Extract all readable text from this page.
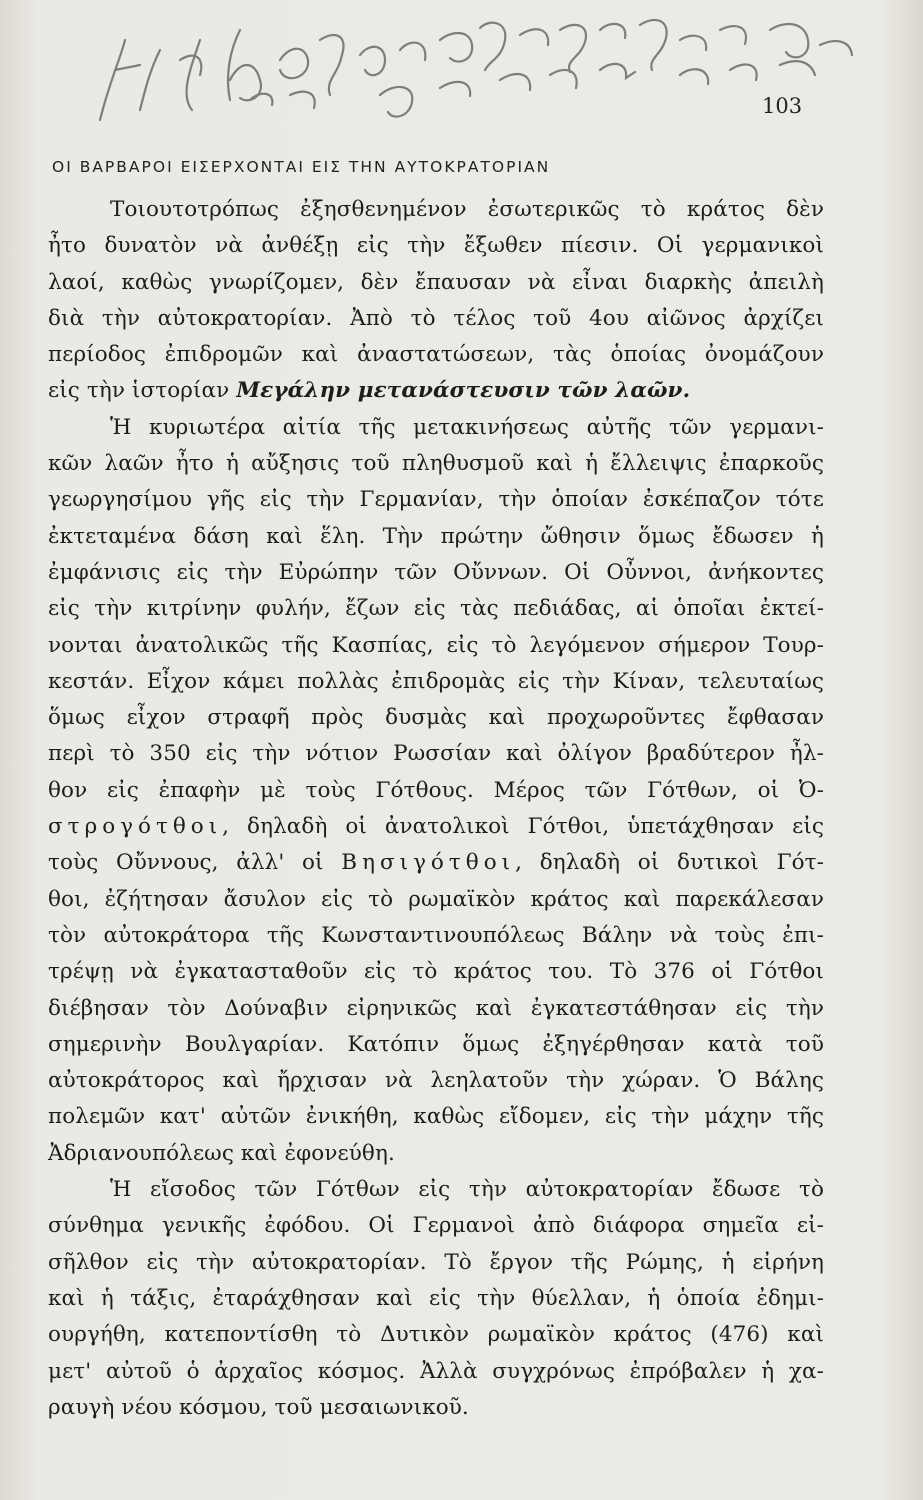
103
ΟΙ ΒΑΡΒΑΡΟΙ ΕΙΣΕΡΧΟΝΤΑΙ ΕΙΣ ΤΗΝ ΑΥΤΟΚΡΑΤΟΡΙΑΝ
Τοιουτοτρόπως ἐξησθενημένον ἐσωτερικῶς τὸ κράτος δὲν
ἦτο δυνατὸν νὰ ἀνθέξῃ εἰς τὴν ἔξωθεν πίεσιν. Οἱ γερμανικοὶ
λαοί, καθὼς γνωρίζομεν, δὲν ἔπαυσαν νὰ εἶναι διαρκὴς ἀπειλὴ
διὰ τὴν αὐτοκρατορίαν. Ἀπὸ τὸ τέλος τοῦ 4ου αἰῶνος ἀρχίζει
περίοδος ἐπιδρομῶν καὶ ἀναστατώσεων, τὰς ὁποίας ὀνομάζουν
εἰς τὴν ἱστορίαν Μεγάλην μετανάστευσιν τῶν λαῶν.
Ἡ κυριωτέρα αἰτία τῆς μετακινήσεως αὐτῆς τῶν γερμανι-
κῶν λαῶν ἦτο ἡ αὔξησις τοῦ πληθυσμοῦ καὶ ἡ ἔλλειψις ἐπαρκοῦς
γεωργησίμου γῆς εἰς τὴν Γερμανίαν, τὴν ὁποίαν ἐσκέπαζον τότε
ἐκτεταμένα δάση καὶ ἕλη. Τὴν πρώτην ὤθησιν ὅμως ἔδωσεν ἡ
ἐμφάνισις εἰς τὴν Εὐρώπην τῶν Οὔννων. Οἱ Οὖννοι, ἀνήκοντες
εἰς τὴν κιτρίνην φυλήν, ἔζων εἰς τὰς πεδιάδας, αἱ ὁποῖαι ἐκτεί-
νονται ἀνατολικῶς τῆς Κασπίας, εἰς τὸ λεγόμενον σήμερον Τουρ-
κεστάν. Εἶχον κάμει πολλὰς ἐπιδρομὰς εἰς τὴν Κίναν, τελευταίως
ὅμως εἶχον στραφῆ πρὸς δυσμὰς καὶ προχωροῦντες ἔφθασαν
περὶ τὸ 350 εἰς τὴν νότιον Ρωσσίαν καὶ ὀλίγον βραδύτερον ἦλ-
θον εἰς ἐπαφὴν μὲ τοὺς Γότθους. Μέρος τῶν Γότθων, οἱ Ὀ-
στρογότθοι, δηλαδὴ οἱ ἀνατολικοὶ Γότθοι, ὑπετάχθησαν εἰς
τοὺς Οὔννους, ἀλλ' οἱ Βησιγότθοι, δηλαδὴ οἱ δυτικοὶ Γότ-
θοι, ἐζήτησαν ἄσυλον εἰς τὸ ρωμαϊκὸν κράτος καὶ παρεκάλεσαν
τὸν αὐτοκράτορα τῆς Κωνσταντινουπόλεως Βάλην νὰ τοὺς ἐπι-
τρέψῃ νὰ ἐγκατασταθοῦν εἰς τὸ κράτος του. Τὸ 376 οἱ Γότθοι
διέβησαν τὸν Δούναβιν εἰρηνικῶς καὶ ἐγκατεστάθησαν εἰς τὴν
σημερινὴν Βουλγαρίαν. Κατόπιν ὅμως ἐξηγέρθησαν κατὰ τοῦ
αὐτοκράτορος καὶ ἤρχισαν νὰ λεηλατοῦν τὴν χώραν. Ὁ Βάλης
πολεμῶν κατ' αὐτῶν ἐνικήθη, καθὼς εἴδομεν, εἰς τὴν μάχην τῆς
Ἀδριανουπόλεως καὶ ἐφονεύθη.
Ἡ εἴσοδος τῶν Γότθων εἰς τὴν αὐτοκρατορίαν ἔδωσε τὸ
σύνθημα γενικῆς ἐφόδου. Οἱ Γερμανοὶ ἀπὸ διάφορα σημεῖα εἰ-
σῆλθον εἰς τὴν αὐτοκρατορίαν. Τὸ ἔργον τῆς Ρώμης, ἡ εἰρήνη
καὶ ἡ τάξις, ἐταράχθησαν καὶ εἰς τὴν θύελλαν, ἡ ὁποία ἐδημι-
ουργήθη, κατεποντίσθη τὸ Δυτικὸν ρωμαϊκὸν κράτος (476) καὶ
μετ' αὐτοῦ ὁ ἀρχαῖος κόσμος. Ἀλλὰ συγχρόνως ἐπρόβαλεν ἡ χα-
ραυγὴ νέου κόσμου, τοῦ μεσαιωνικοῦ.
